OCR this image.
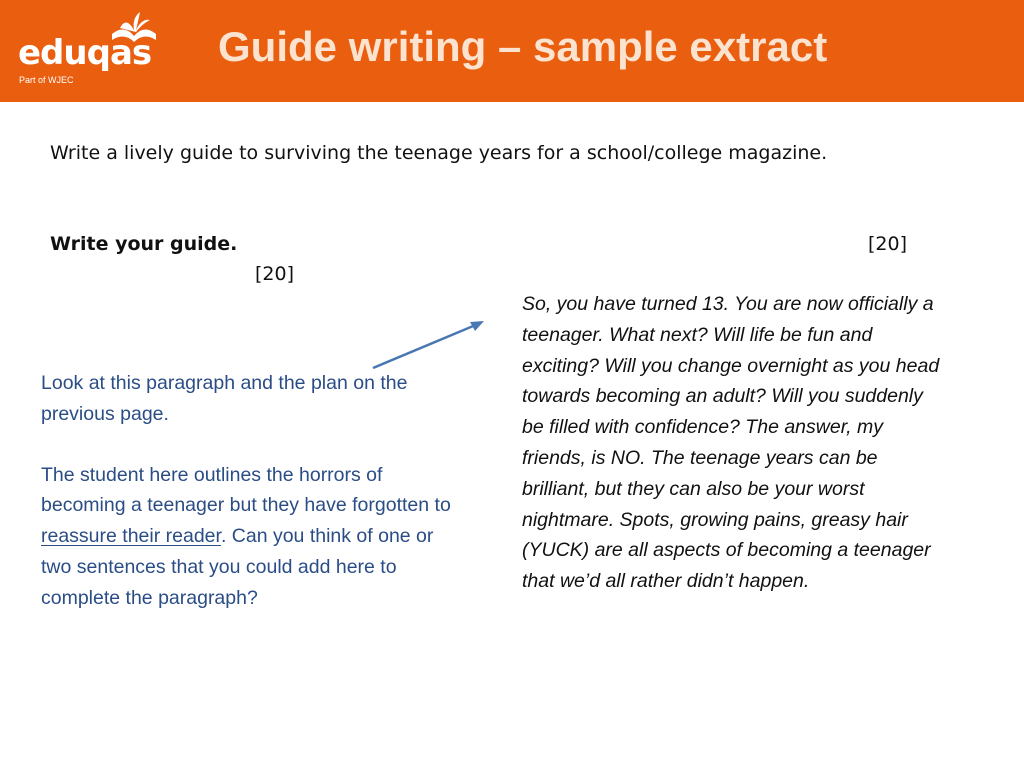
eduqas
Part of WJEC
Guide writing – sample extract
Write a lively guide to surviving the teenage years for a school/college magazine.
Write your guide.	[20]
[20]

So, you have turned 13. You are now officially a teenager. What next? Will life be fun and exciting? Will you change overnight as you head towards becoming an adult? Will you suddenly be filled with confidence? The answer, my friends, is NO. The teenage years can be brilliant, but they can also be your worst nightmare. Spots, growing pains, greasy hair (YUCK) are all aspects of becoming a teenager that we’d all rather didn’t happen.

Look at this paragraph and the plan on the previous page.

The student here outlines the horrors of becoming a teenager but they have forgotten to reassure their reader. Can you think of one or two sentences that you could add here to complete the paragraph?
